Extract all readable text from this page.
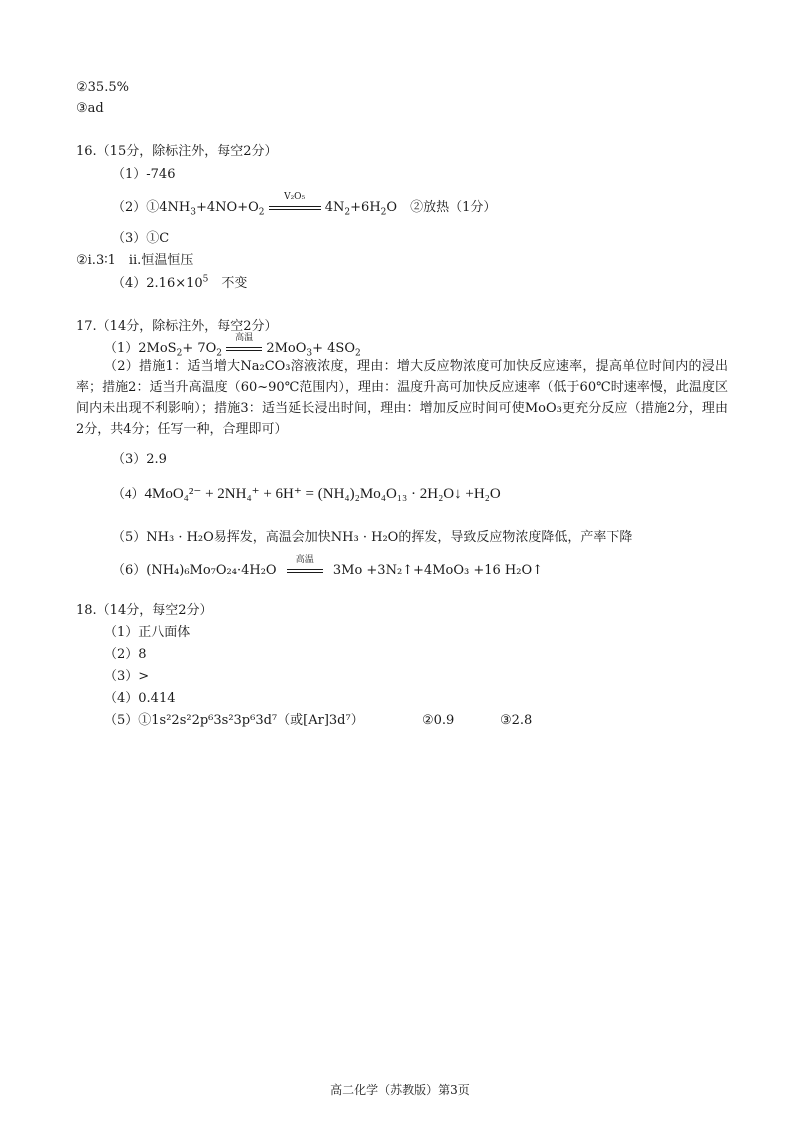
②35.5%
③ad
16.（15分，除标注外，每空2分）
（1）-746
$(2)①4NH_3+4NO+O_2$
V₂O₅
$4N_2+6H_2O$　②放热（1分）
（3）①C
②ⅰ.3∶1　ⅱ.恒温恒压
$(4)2.16\times 10^5$　不变
17.（14分，除标注外，每空2分）
$(1)2MoS_2+ 7O_2$
高温
$2MoO_3+ 4SO_2$
（2）措施1：适当增大Na₂CO₃溶液浓度，理由：增大反应物浓度可加快反应速率，提高单位时间内的浸出率；措施2：适当升高温度（60~90℃范围内），理由：温度升高可加快反应速率（低于60℃时速率慢，此温度区间内未出现不利影响）；措施3：适当延长浸出时间，理由：增加反应时间可使MoO₃更充分反应（措施2分，理由2分，共4分；任写一种，合理即可）
（3）2.9
（4）4MoO₄²⁻ + 2NH₄⁺ + 6H⁺ = (NH₄)₂Mo₄O₁₃ · 2H₂O↓ +H₂O
（5）NH₃ · H₂O易挥发，高温会加快NH₃ · H₂O的挥发，导致反应物浓度降低，产率下降
（6）(NH₄)₆Mo₇O₂₄·4H₂O
高温
3Mo +3N₂↑+4MoO₃ +16 H₂O↑
18.（14分，每空2分）
（1）正八面体
（2）8
（3）>
（4）0.414
（5）①1s²2s²2p⁶3s²3p⁶3d⁷（或[Ar]3d⁷）	②0.9	③2.8
高二化学（苏教版）第3页
